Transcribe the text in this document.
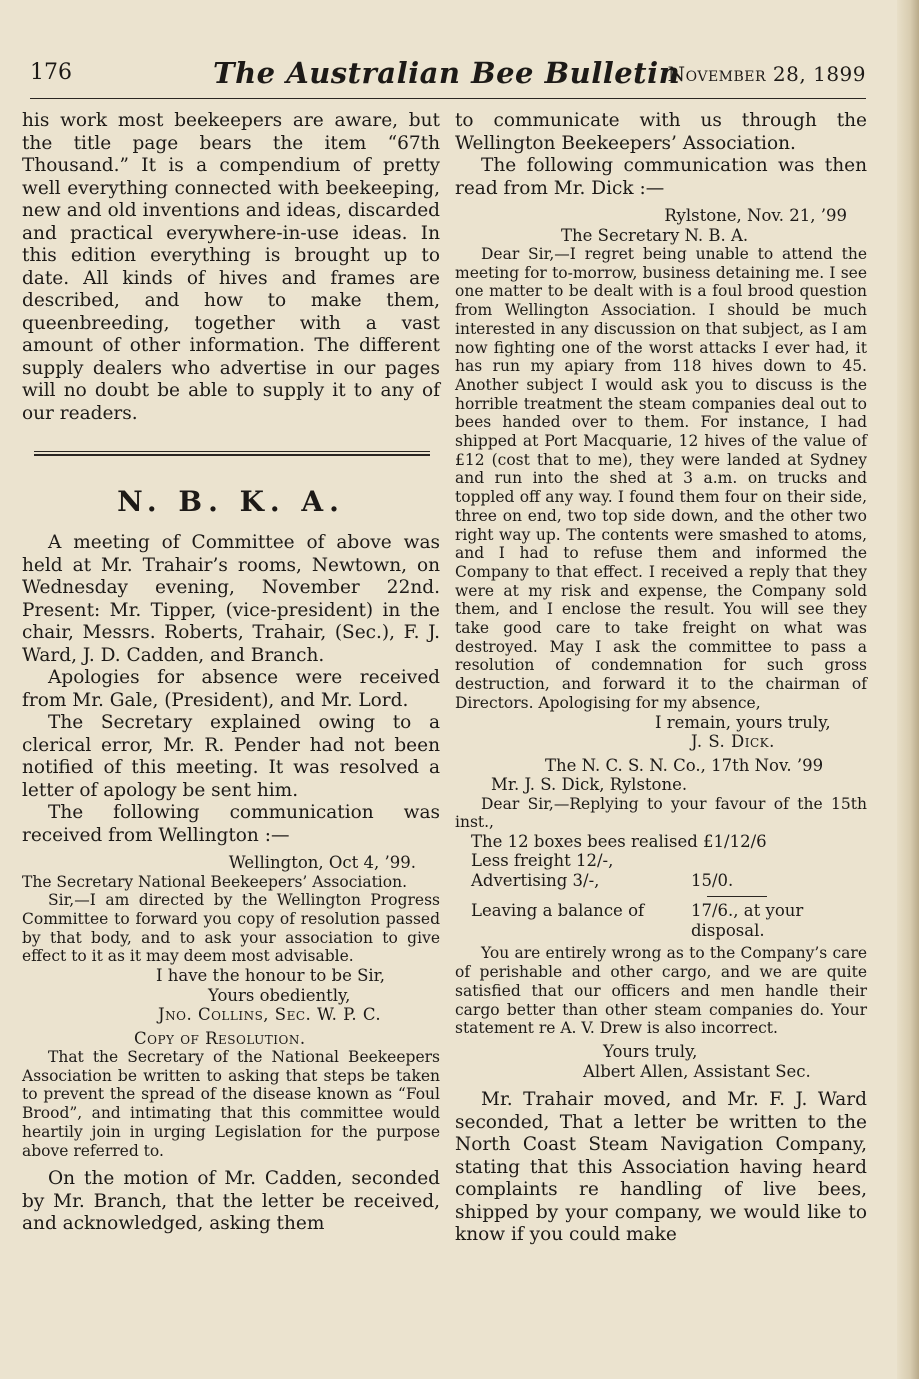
176	The Australian Bee Bulletin
November 28, 1899

his work most beekeepers are aware, but the title page bears the item “67th Thousand.” It is a compendium of pretty well everything connected with beekeeping, new and old inventions and ideas, discarded and practical everywhere-in-use ideas. In this edition everything is brought up to date. All kinds of hives and frames are described, and how to make them, queenbreeding, together with a vast amount of other information. The different supply dealers who advertise in our pages will no doubt be able to supply it to any of our readers.

N. B. K. A.

A meeting of Committee of above was held at Mr. Trahair’s rooms, Newtown, on Wednesday evening, November 22nd. Present: Mr. Tipper, (vice-president) in the chair, Messrs. Roberts, Trahair, (Sec.), F. J. Ward, J. D. Cadden, and Branch.

Apologies for absence were received from Mr. Gale, (President), and Mr. Lord.

The Secretary explained owing to a clerical error, Mr. R. Pender had not been notified of this meeting. It was resolved a letter of apology be sent him.

The following communication was received from Wellington :—

Wellington, Oct 4, ’99.

The Secretary National Beekeepers’ Association.

Sir,—I am directed by the Wellington Progress Committee to forward you copy of resolution passed by that body, and to ask your association to give effect to it as it may deem most advisable.

I have the honour to be Sir,

Yours obediently,

Jno. Collins, Sec. W. P. C.

Copy of Resolution.

That the Secretary of the National Beekeepers Association be written to asking that steps be taken to prevent the spread of the disease known as “Foul Brood”, and intimating that this committee would heartily join in urging Legislation for the purpose above referred to.

On the motion of Mr. Cadden, seconded by Mr. Branch, that the letter be received, and acknowledged, asking them

to communicate with us through the Wellington Beekeepers’ Association.

The following communication was then read from Mr. Dick :—

Rylstone, Nov. 21, ’99

The Secretary N. B. A.

Dear Sir,—I regret being unable to attend the meeting for to-morrow, business detaining me. I see one matter to be dealt with is a foul brood question from Wellington Association. I should be much interested in any discussion on that subject, as I am now fighting one of the worst attacks I ever had, it has run my apiary from 118 hives down to 45. Another subject I would ask you to discuss is the horrible treatment the steam companies deal out to bees handed over to them. For instance, I had shipped at Port Macquarie, 12 hives of the value of £12 (cost that to me), they were landed at Sydney and run into the shed at 3 a.m. on trucks and toppled off any way. I found them four on their side, three on end, two top side down, and the other two right way up. The contents were smashed to atoms, and I had to refuse them and informed the Company to that effect. I received a reply that they were at my risk and expense, the Company sold them, and I enclose the result. You will see they take good care to take freight on what was destroyed. May I ask the committee to pass a resolution of condemnation for such gross destruction, and forward it to the chairman of Directors. Apologising for my absence,

I remain, yours truly,

J. S. Dick.

The N. C. S. N. Co., 17th Nov. ’99

Mr. J. S. Dick, Rylstone.

Dear Sir,—Replying to your favour of the 15th inst.,

The 12 boxes bees realised £1/12/6
Less freight 12/-,
Advertising 3/-,	15/0.
Leaving a balance of	17/6., at your disposal.

You are entirely wrong as to the Company’s care of perishable and other cargo, and we are quite satisfied that our officers and men handle their cargo better than other steam companies do. Your statement re A. V. Drew is also incorrect.

Yours truly,

Albert Allen, Assistant Sec.

Mr. Trahair moved, and Mr. F. J. Ward seconded, That a letter be written to the North Coast Steam Navigation Company, stating that this Association having heard complaints re handling of live bees, shipped by your company, we would like to know if you could make
